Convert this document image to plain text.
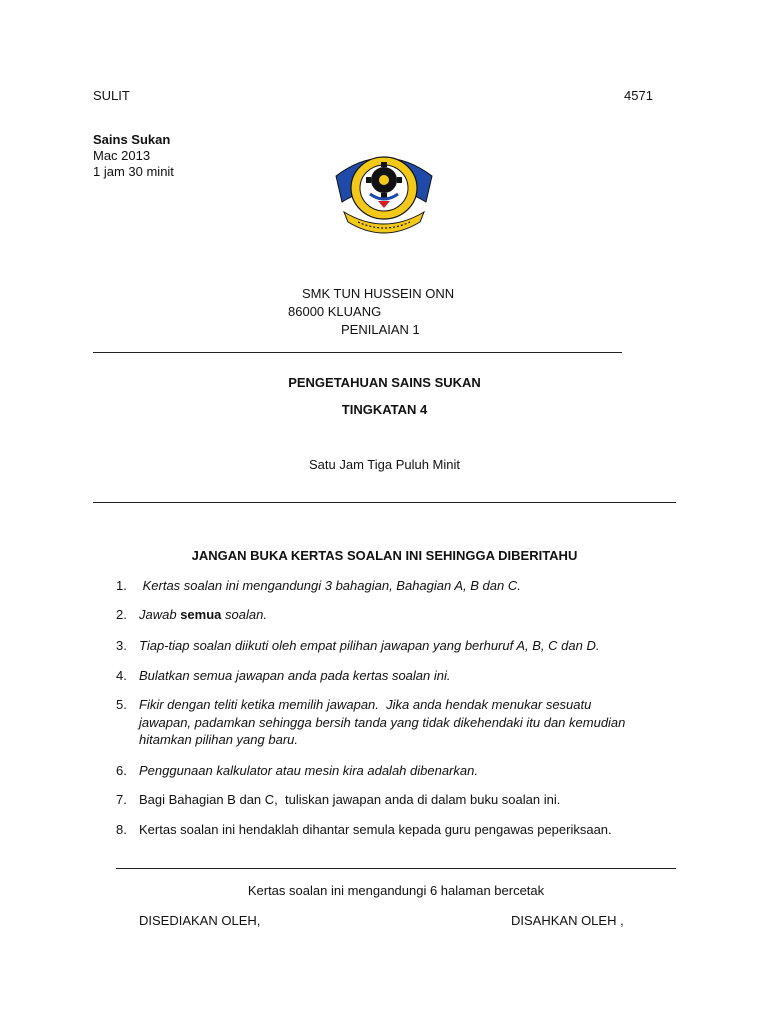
SULIT	4571
Sains Sukan
Mac 2013
1 jam 30 minit
SMK TUN HUSSEIN ONN
86000 KLUANG
PENILAIAN 1
PENGETAHUAN SAINS SUKAN
TINGKATAN 4
Satu Jam Tiga Puluh Minit
JANGAN BUKA KERTAS SOALAN INI SEHINGGA DIBERITAHU
1. Kertas soalan ini mengandungi 3 bahagian, Bahagian A, B dan C.
2. Jawab semua soalan.
3. Tiap-tiap soalan diikuti oleh empat pilihan jawapan yang berhuruf A, B, C dan D.
4. Bulatkan semua jawapan anda pada kertas soalan ini.
5. Fikir dengan teliti ketika memilih jawapan.  Jika anda hendak menukar sesuatu
jawapan, padamkan sehingga bersih tanda yang tidak dikehendaki itu dan kemudian
hitamkan pilihan yang baru.
6. Penggunaan kalkulator atau mesin kira adalah dibenarkan.
7. Bagi Bahagian B dan C,  tuliskan jawapan anda di dalam buku soalan ini.
8. Kertas soalan ini hendaklah dihantar semula kepada guru pengawas peperiksaan.
Kertas soalan ini mengandungi 6 halaman bercetak
DISEDIAKAN OLEH,	DISAHKAN OLEH ,
